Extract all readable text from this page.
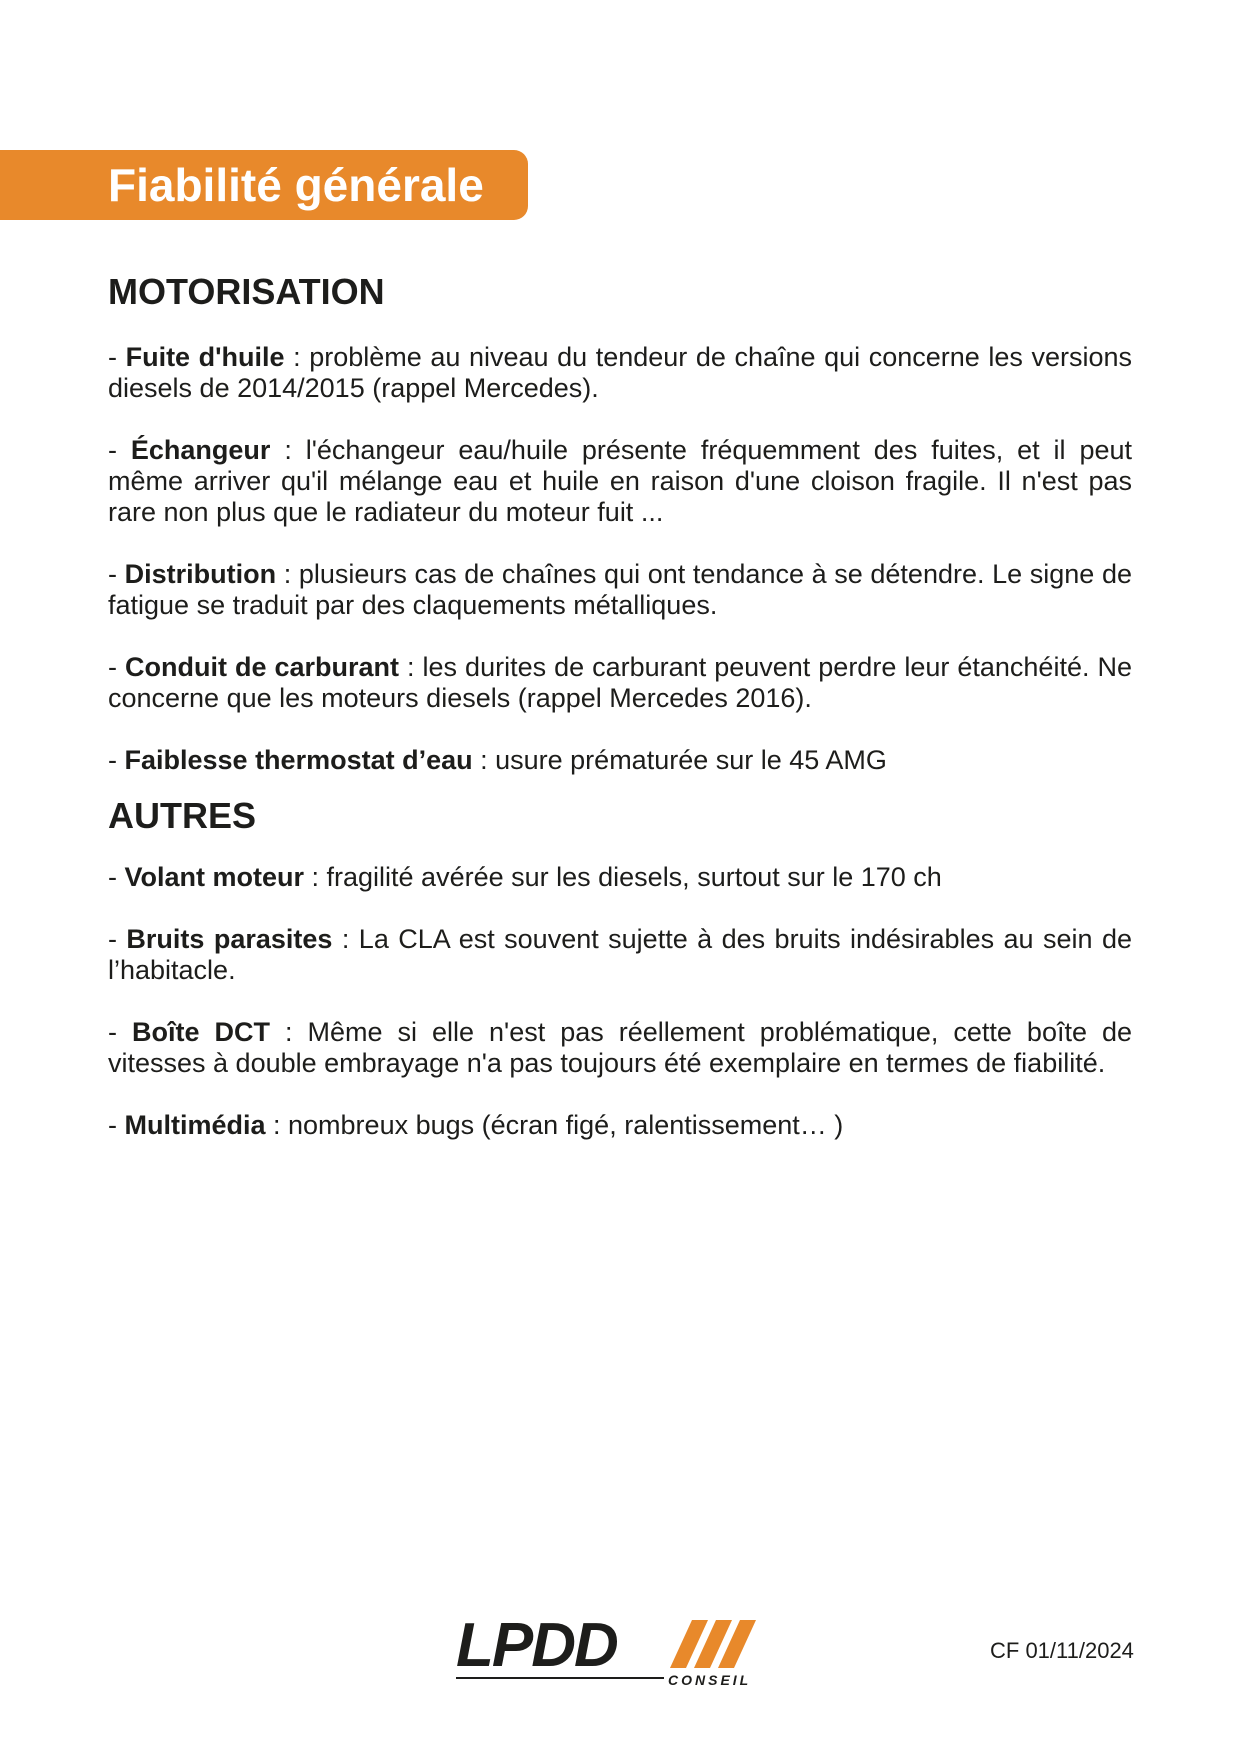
Fiabilité générale
MOTORISATION

- Fuite d'huile : problème au niveau du tendeur de chaîne qui concerne les versions diesels de 2014/2015 (rappel Mercedes).

- Échangeur : l'échangeur eau/huile présente fréquemment des fuites, et il peut même arriver qu'il mélange eau et huile en raison d'une cloison fragile. Il n'est pas rare non plus que le radiateur du moteur fuit ...

- Distribution : plusieurs cas de chaînes qui ont tendance à se détendre. Le signe de fatigue se traduit par des claquements métalliques.

- Conduit de carburant : les durites de carburant peuvent perdre leur étanchéité. Ne concerne que les moteurs diesels (rappel Mercedes 2016).

- Faiblesse thermostat d’eau : usure prématurée sur le 45 AMG

AUTRES

- Volant moteur : fragilité avérée sur les diesels, surtout sur le 170 ch

- Bruits parasites : La CLA est souvent sujette à des bruits indésirables au sein de l’habitacle.

- Boîte DCT : Même si elle n'est pas réellement problématique, cette boîte de vitesses à double embrayage n'a pas toujours été exemplaire en termes de fiabilité.

- Multimédia : nombreux bugs (écran figé, ralentissement… )

LPDD	CONSEIL
CF 01/11/2024
